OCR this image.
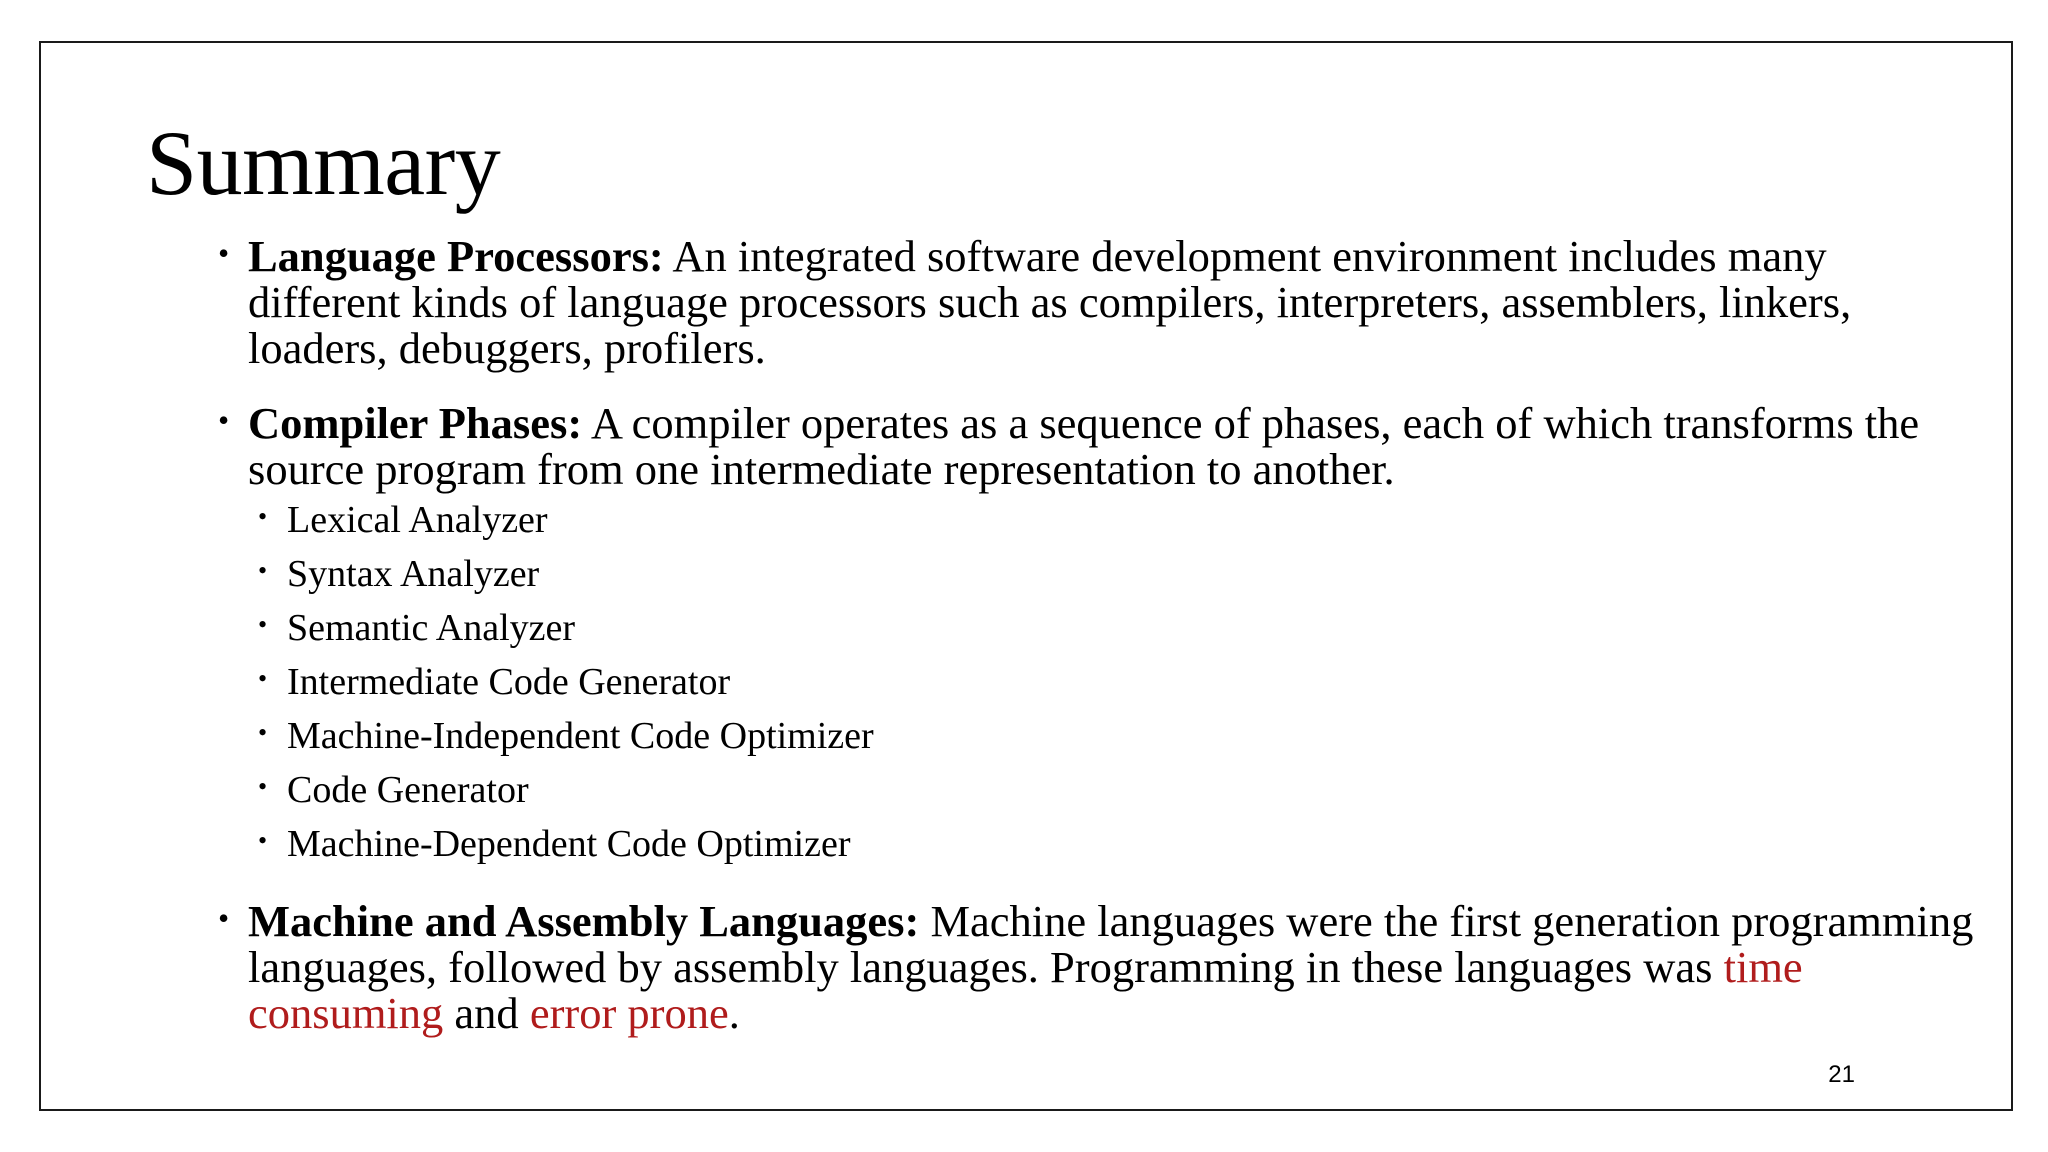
Summary

• Language Processors: An integrated software development environment includes many different kinds of language processors such as compilers, interpreters, assemblers, linkers, loaders, debuggers, profilers.

• Compiler Phases: A compiler operates as a sequence of phases, each of which transforms the source program from one intermediate representation to another.

• Lexical Analyzer
• Syntax Analyzer
• Semantic Analyzer
• Intermediate Code Generator
• Machine-Independent Code Optimizer
• Code Generator
• Machine-Dependent Code Optimizer

• Machine and Assembly Languages: Machine languages were the first generation programming languages, followed by assembly languages. Programming in these languages was time consuming and error prone.

21
